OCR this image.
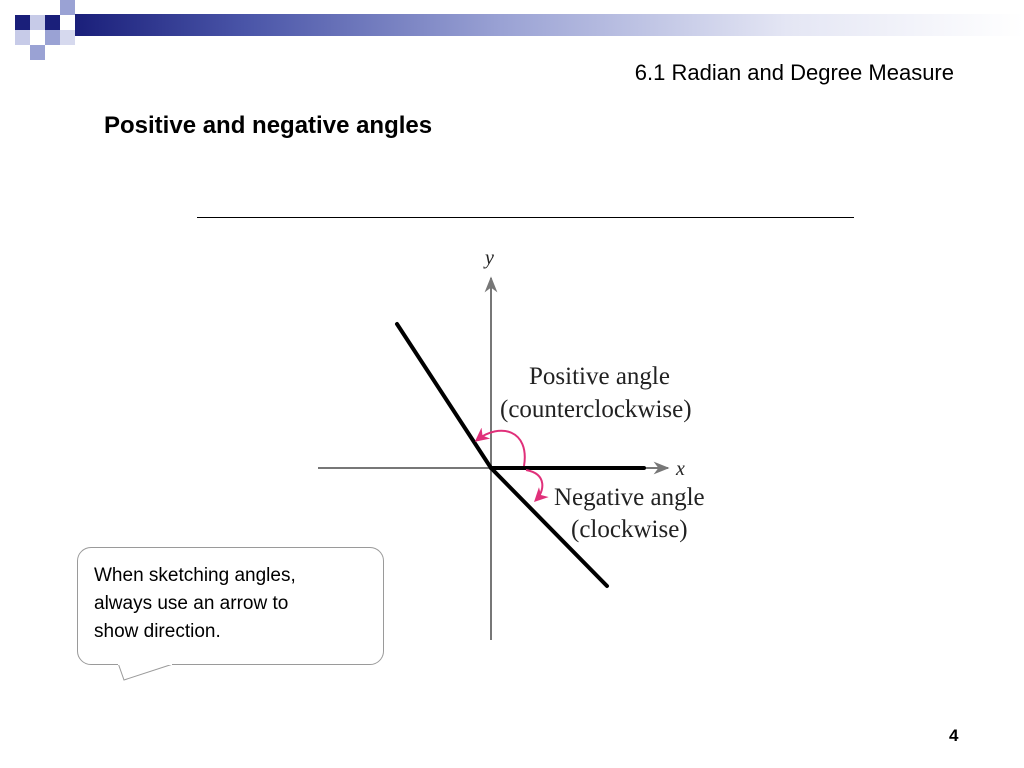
6.1 Radian and Degree Measure
Positive and negative angles
y
x
Positive angle
(counterclockwise)
Negative angle
(clockwise)
When sketching angles,
always use an arrow to
show direction.
4
